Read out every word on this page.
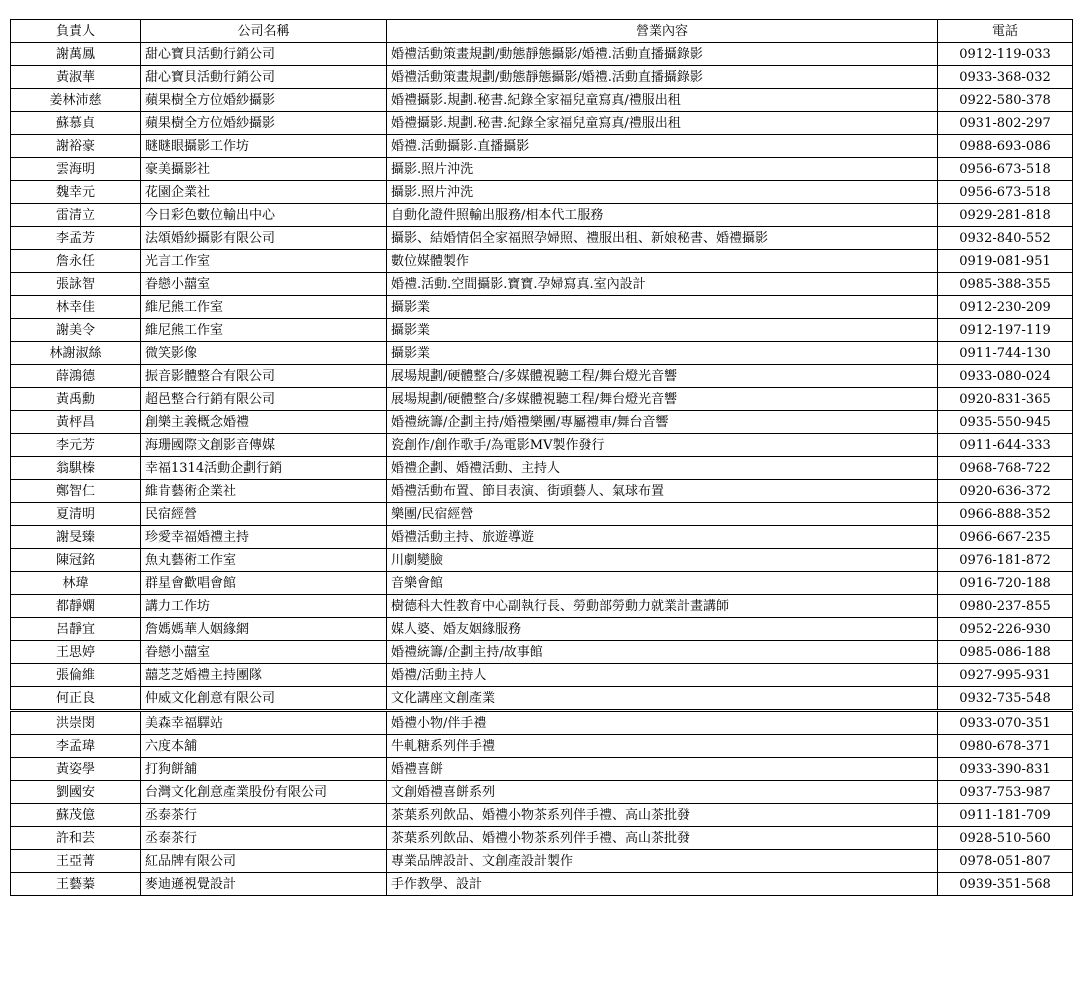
負責人	公司名稱	營業內容	電話
謝萬鳳	甜心寶貝活動行銷公司	婚禮活動策畫規劃/動態靜態攝影/婚禮.活動直播攝錄影	0912-119-033
黃淑華	甜心寶貝活動行銷公司	婚禮活動策畫規劃/動態靜態攝影/婚禮.活動直播攝錄影	0933-368-032
姜林沛慈	蘋果樹全方位婚紗攝影	婚禮攝影.規劃.秘書.紀錄全家福兒童寫真/禮服出租	0922-580-378
蘇慕貞	蘋果樹全方位婚紗攝影	婚禮攝影.規劃.秘書.紀錄全家福兒童寫真/禮服出租	0931-802-297
謝裕豪	瞇瞇眼攝影工作坊	婚禮.活動攝影.直播攝影	0988-693-086
雲海明	豪美攝影社	攝影.照片沖洗	0956-673-518
魏幸元	花園企業社	攝影.照片沖洗	0956-673-518
雷清立	今日彩色數位輸出中心	自動化證件照輸出服務/相本代工服務	0929-281-818
李孟芳	法頌婚紗攝影有限公司	攝影、結婚情侶全家福照孕婦照、禮服出租、新娘秘書、婚禮攝影	0932-840-552
詹永任	光言工作室	數位媒體製作	0919-081-951
張詠智	眷戀小囍室	婚禮.活動.空間攝影.寶寶.孕婦寫真.室內設計	0985-388-355
林幸佳	維尼熊工作室	攝影業	0912-230-209
謝美令	維尼熊工作室	攝影業	0912-197-119
林謝淑絲	微笑影像	攝影業	0911-744-130
薛鴻德	振音影體整合有限公司	展場規劃/硬體整合/多媒體視聽工程/舞台燈光音響	0933-080-024
黃禹勳	超邑整合行銷有限公司	展場規劃/硬體整合/多媒體視聽工程/舞台燈光音響	0920-831-365
黃枰昌	創樂主義概念婚禮	婚禮統籌/企劃主持/婚禮樂團/專屬禮車/舞台音響	0935-550-945
李元芳	海珊國際文創影音傳媒	瓷創作/創作歌手/為電影MV製作發行	0911-644-333
翁騏榛	幸福1314活動企劃行銷	婚禮企劃、婚禮活動、主持人	0968-768-722
鄭智仁	維肯藝術企業社	婚禮活動布置、節目表演、街頭藝人、氣球布置	0920-636-372
夏清明	民宿經營	樂團/民宿經營	0966-888-352
謝旻臻	珍愛幸福婚禮主持	婚禮活動主持、旅遊導遊	0966-667-235
陳冠銘	魚丸藝術工作室	川劇變臉	0976-181-872
林瑋	群星會歡唱會館	音樂會館	0916-720-188
都靜嫻	講力工作坊	樹德科大性教育中心副執行長、勞動部勞動力就業計畫講師	0980-237-855
呂靜宜	詹媽媽華人姻緣網	媒人婆、婚友姻緣服務	0952-226-930
王思婷	眷戀小囍室	婚禮統籌/企劃主持/故事館	0985-086-188
張倫維	囍芝芝婚禮主持團隊	婚禮/活動主持人	0927-995-931
何正良	仲威文化創意有限公司	文化講座文創產業	0932-735-548
洪崇閔	美森幸福驛站	婚禮小物/伴手禮	0933-070-351
李孟瑋	六度本舖	牛軋糖系列伴手禮	0980-678-371
黃姿學	打狗餅舖	婚禮喜餅	0933-390-831
劉國安	台灣文化創意產業股份有限公司	文創婚禮喜餅系列	0937-753-987
蘇茂億	丞泰茶行	茶葉系列飲品、婚禮小物茶系列伴手禮、高山茶批發	0911-181-709
許和芸	丞泰茶行	茶葉系列飲品、婚禮小物茶系列伴手禮、高山茶批發	0928-510-560
王亞菁	紅品牌有限公司	專業品牌設計、文創產設計製作	0978-051-807
王藝蓁	麥迪遜視覺設計	手作教學、設計	0939-351-568
